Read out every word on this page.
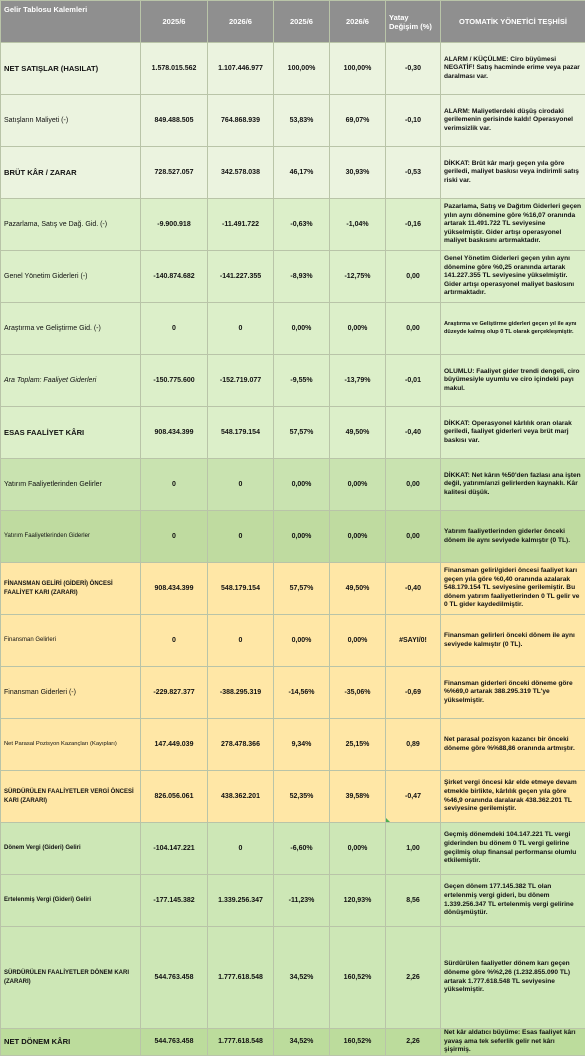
Gelir Tablosu Kalemleri	2025/6	2026/6	2025/6	2026/6	Yatay Değişim (%)	OTOMATİK YÖNETİCİ TEŞHİSİ
NET SATIŞLAR (HASILAT)	1.578.015.562	1.107.446.977	100,00%	100,00%	-0,30	ALARM / KÜÇÜLME: Ciro büyümesi NEGATİF! Satış hacminde erime veya pazar daralması var.
Satışların Maliyeti (-)	849.488.505	764.868.939	53,83%	69,07%	-0,10	ALARM: Maliyetlerdeki düşüş cirodaki gerilemenin gerisinde kaldı! Operasyonel verimsizlik var.
BRÜT KÂR / ZARAR	728.527.057	342.578.038	46,17%	30,93%	-0,53	DİKKAT: Brüt kâr marjı geçen yıla göre geriledi, maliyet baskısı veya indirimli satış riski var.
Pazarlama, Satış ve Dağ. Gid. (-)	-9.900.918	-11.491.722	-0,63%	-1,04%	-0,16	Pazarlama, Satış ve Dağıtım Giderleri geçen yılın aynı dönemine göre %16,07 oranında artarak 11.491.722 TL seviyesine yükselmiştir. Gider artışı operasyonel maliyet baskısını artırmaktadır.
Genel Yönetim Giderleri (-)	-140.874.682	-141.227.355	-8,93%	-12,75%	0,00	Genel Yönetim Giderleri geçen yılın aynı dönemine göre %0,25 oranında artarak 141.227.355 TL seviyesine yükselmiştir. Gider artışı operasyonel maliyet baskısını artırmaktadır.
Araştırma ve Geliştirme Gid. (-)	0	0	0,00%	0,00%	0,00	Araştırma ve Geliştirme giderleri geçen yıl ile aynı düzeyde kalmış olup 0 TL olarak gerçekleşmiştir.
Ara Toplam: Faaliyet Giderleri	-150.775.600	-152.719.077	-9,55%	-13,79%	-0,01	OLUMLU: Faaliyet gider trendi dengeli, ciro büyümesiyle uyumlu ve ciro içindeki payı makul.
ESAS FAALİYET KÂRI	908.434.399	548.179.154	57,57%	49,50%	-0,40	DİKKAT: Operasyonel kârlılık oran olarak geriledi, faaliyet giderleri veya brüt marj baskısı var.
Yatırım Faaliyetlerinden Gelirler	0	0	0,00%	0,00%	0,00	DİKKAT: Net kârın %50'den fazlası ana işten değil, yatırım/arızi gelirlerden kaynaklı. Kâr kalitesi düşük.
Yatırım Faaliyetlerinden Giderler	0	0	0,00%	0,00%	0,00	Yatırım faaliyetlerinden giderler önceki dönem ile aynı seviyede kalmıştır (0 TL).
FİNANSMAN GELİRİ (GİDERİ) ÖNCESİ FAALİYET KARI (ZARARI)	908.434.399	548.179.154	57,57%	49,50%	-0,40	Finansman geliri/gideri öncesi faaliyet karı geçen yıla göre %0,40 oranında azalarak 548.179.154 TL seviyesine gerilemiştir. Bu dönem yatırım faaliyetlerinden 0 TL gelir ve 0 TL gider kaydedilmiştir.
Finansman Gelirleri	0	0	0,00%	0,00%	#SAYI/0!	Finansman gelirleri önceki dönem ile aynı seviyede kalmıştır (0 TL).
Finansman Giderleri (-)	-229.827.377	-388.295.319	-14,56%	-35,06%	-0,69	Finansman giderleri önceki döneme göre %%69,0 artarak 388.295.319 TL'ye yükselmiştir.
Net Parasal Pozisyon Kazançları (Kayıpları)	147.449.039	278.478.366	9,34%	25,15%	0,89	Net parasal pozisyon kazancı bir önceki döneme göre %%88,86 oranında artmıştır.
SÜRDÜRÜLEN FAALİYETLER VERGİ ÖNCESİ KARI (ZARARI)	826.056.061	438.362.201	52,35%	39,58%	-0,47	Şirket vergi öncesi kâr elde etmeye devam etmekle birlikte, kârlılık geçen yıla göre %46,9 oranında daralarak 438.362.201 TL seviyesine gerilemiştir.
Dönem Vergi (Gideri) Geliri	-104.147.221	0	-6,60%	0,00%	1,00	Geçmiş dönemdeki 104.147.221 TL vergi giderinden bu dönem 0 TL vergi gelirine geçilmiş olup finansal performansı olumlu etkilemiştir.
Ertelenmiş Vergi (Gideri) Geliri	-177.145.382	1.339.256.347	-11,23%	120,93%	8,56	Geçen dönem 177.145.382 TL olan ertelenmiş vergi gideri, bu dönem 1.339.256.347 TL ertelenmiş vergi gelirine dönüşmüştür.
SÜRDÜRÜLEN FAALİYETLER DÖNEM KARI (ZARARI)	544.763.458	1.777.618.548	34,52%	160,52%	2,26	Sürdürülen faaliyetler dönem karı geçen döneme göre %%2,26 (1.232.855.090 TL) artarak 1.777.618.548 TL seviyesine yükselmiştir.
NET DÖNEM KÂRI	544.763.458	1.777.618.548	34,52%	160,52%	2,26	Net kâr aldatıcı büyüme: Esas faaliyet kârı yavaş ama tek seferlik gelir net kârı şişirmiş.
